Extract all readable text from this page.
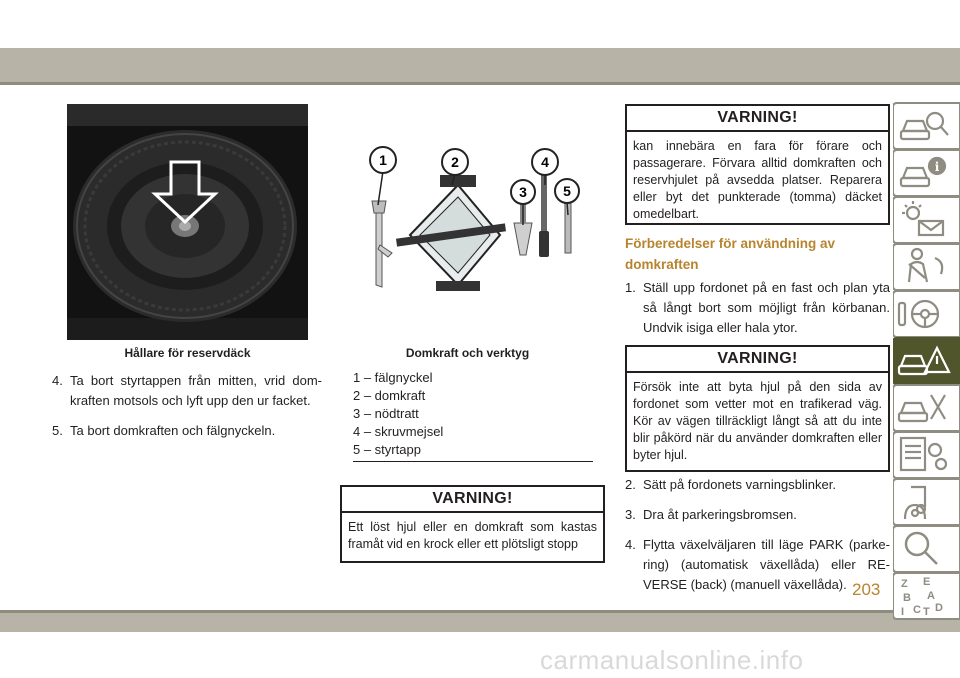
Hållare för reservdäck
4. Ta bort styrtappen från mitten, vrid dom-kraften motsols och lyft upp den ur facket.
5. Ta bort domkraften och fälgnyckeln.
1	2
3
4
5
Domkraft och verktyg
1 – fälgnyckel
2 – domkraft
3 – nödtratt
4 – skruvmejsel
5 – styrtapp
VARNING!
Ett löst hjul eller en domkraft som kastas framåt vid en krock eller ett plötsligt stopp
VARNING!
kan innebära en fara för förare och passagerare. Förvara alltid domkraften och reservhjulet på avsedda platser. Reparera eller byt det punkterade (tomma) däcket omedelbart.
Förberedelser för användning av domkraften
1. Ställ upp fordonet på en fast och plan yta så långt bort som möjligt från körbanan. Undvik isiga eller hala ytor.
VARNING!
Försök inte att byta hjul på den sida av fordonet som vetter mot en trafikerad väg. Kör av vägen tillräckligt långt så att du inte blir påkörd när du använder domkraften eller byter hjul.
2. Sätt på fordonets varningsblinker.
3. Dra åt parkeringsbromsen.
4. Flytta växelväljaren till läge PARK (parke-ring) (automatisk växellåda) eller RE-VERSE (back) (manuell växellåda).
i
Z E
B A
I C T D
203
carmanualsonline.info
